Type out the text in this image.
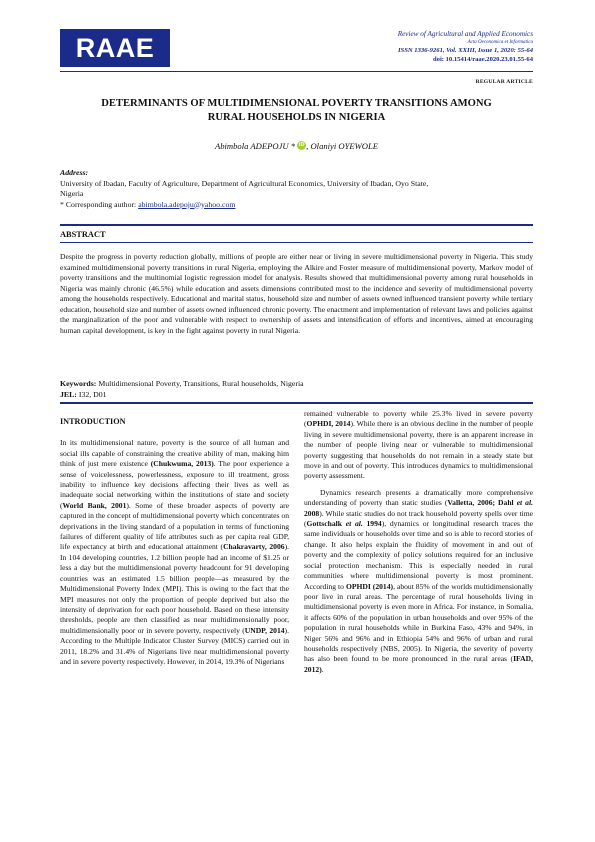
RAAE	Review of Agricultural and Applied Economics
Acta Oeconomica et Informatica
ISSN 1336-9261, Vol. XXIII, Issue 1, 2020: 55-64
doi: 10.15414/raae.2020.23.01.55-64
REGULAR ARTICLE
DETERMINANTS OF MULTIDIMENSIONAL POVERTY TRANSITIONS AMONG
RURAL HOUSEHOLDS IN NIGERIA
Abimbola ADEPOJU * iD , Olaniyi OYEWOLE
Address:
University of Ibadan, Faculty of Agriculture, Department of Agricultural Economics, University of Ibadan, Oyo State,
Nigeria
* Corresponding author: abimbola.adepoju@yahoo.com
ABSTRACT
Despite the progress in poverty reduction globally, millions of people are either near or living in severe multidimensional poverty in Nigeria. This study examined multidimensional poverty transitions in rural Nigeria, employing the Alkire and Foster measure of multidimensional poverty, Markov model of poverty transitions and the multinomial logistic regression model for analysis. Results showed that multidimensional poverty among rural households in Nigeria was mainly chronic (46.5%) while education and assets dimensions contributed most to the incidence and severity of multidimensional poverty among the households respectively. Educational and marital status, household size and number of assets owned influenced transient poverty while tertiary education, household size and number of assets owned influenced chronic poverty. The enactment and implementation of relevant laws and policies against the marginalization of the poor and vulnerable with respect to ownership of assets and intensification of efforts and incentives, aimed at encouraging human capital development, is key in the fight against poverty in rural Nigeria.
Keywords: Multidimensional Poverty, Transitions, Rural households, Nigeria
JEL: I32, D01
INTRODUCTION
In its multidimensional nature, poverty is the source of all human and social ills capable of constraining the creative ability of man, making him think of just mere existence (Chukwuma, 2013). The poor experience a sense of voicelessness, powerlessness, exposure to ill treatment, gross inability to influence key decisions affecting their lives as well as inadequate social networking within the institutions of state and society (World Bank, 2001). Some of these broader aspects of poverty are captured in the concept of multidimensional poverty which concentrates on deprivations in the living standard of a population in terms of functioning failures of different quality of life attributes such as per capita real GDP, life expectancy at birth and educational attainment (Chakravarty, 2006). In 104 developing countries, 1.2 billion people had an income of $1.25 or less a day but the multidimensional poverty headcount for 91 developing countries was an estimated 1.5 billion people—as measured by the Multidimensional Poverty Index (MPI). This is owing to the fact that the MPI measures not only the proportion of people deprived but also the intensity of deprivation for each poor household. Based on these intensity thresholds, people are then classified as near multidimensionally poor, multidimensionally poor or in severe poverty, respectively (UNDP, 2014). According to the Multiple Indicator Cluster Survey (MICS) carried out in 2011, 18.2% and 31.4% of Nigerians live near multidimensional poverty and in severe poverty respectively. However, in 2014, 19.3% of Nigerians
remained vulnerable to poverty while 25.3% lived in severe poverty (OPHDI, 2014). While there is an obvious decline in the number of people living in severe multidimensional poverty, there is an apparent increase in the number of people living near or vulnerable to multidimensional poverty suggesting that households do not remain in a steady state but move in and out of poverty. This introduces dynamics to multidimensional poverty assessment.
Dynamics research presents a dramatically more comprehensive understanding of poverty than static studies (Valletta, 2006; Dahl et al. 2008). While static studies do not track household poverty spells over time (Gottschalk et al. 1994), dynamics or longitudinal research traces the same individuals or households over time and so is able to record stories of change. It also helps explain the fluidity of movement in and out of poverty and the complexity of policy solutions required for an inclusive social protection mechanism. This is especially needed in rural communities where multidimensional poverty is most prominent. According to OPHDI (2014), about 85% of the worlds multidimensionally poor live in rural areas. The percentage of rural households living in multidimensional poverty is even more in Africa. For instance, in Somalia, it affects 60% of the population in urban households and over 95% of the population in rural households while in Burkina Faso, 43% and 94%, in Niger 56% and 96% and in Ethiopia 54% and 96% of urban and rural households respectively (NBS, 2005). In Nigeria, the severity of poverty has also been found to be more pronounced in the rural areas (IFAD, 2012).
